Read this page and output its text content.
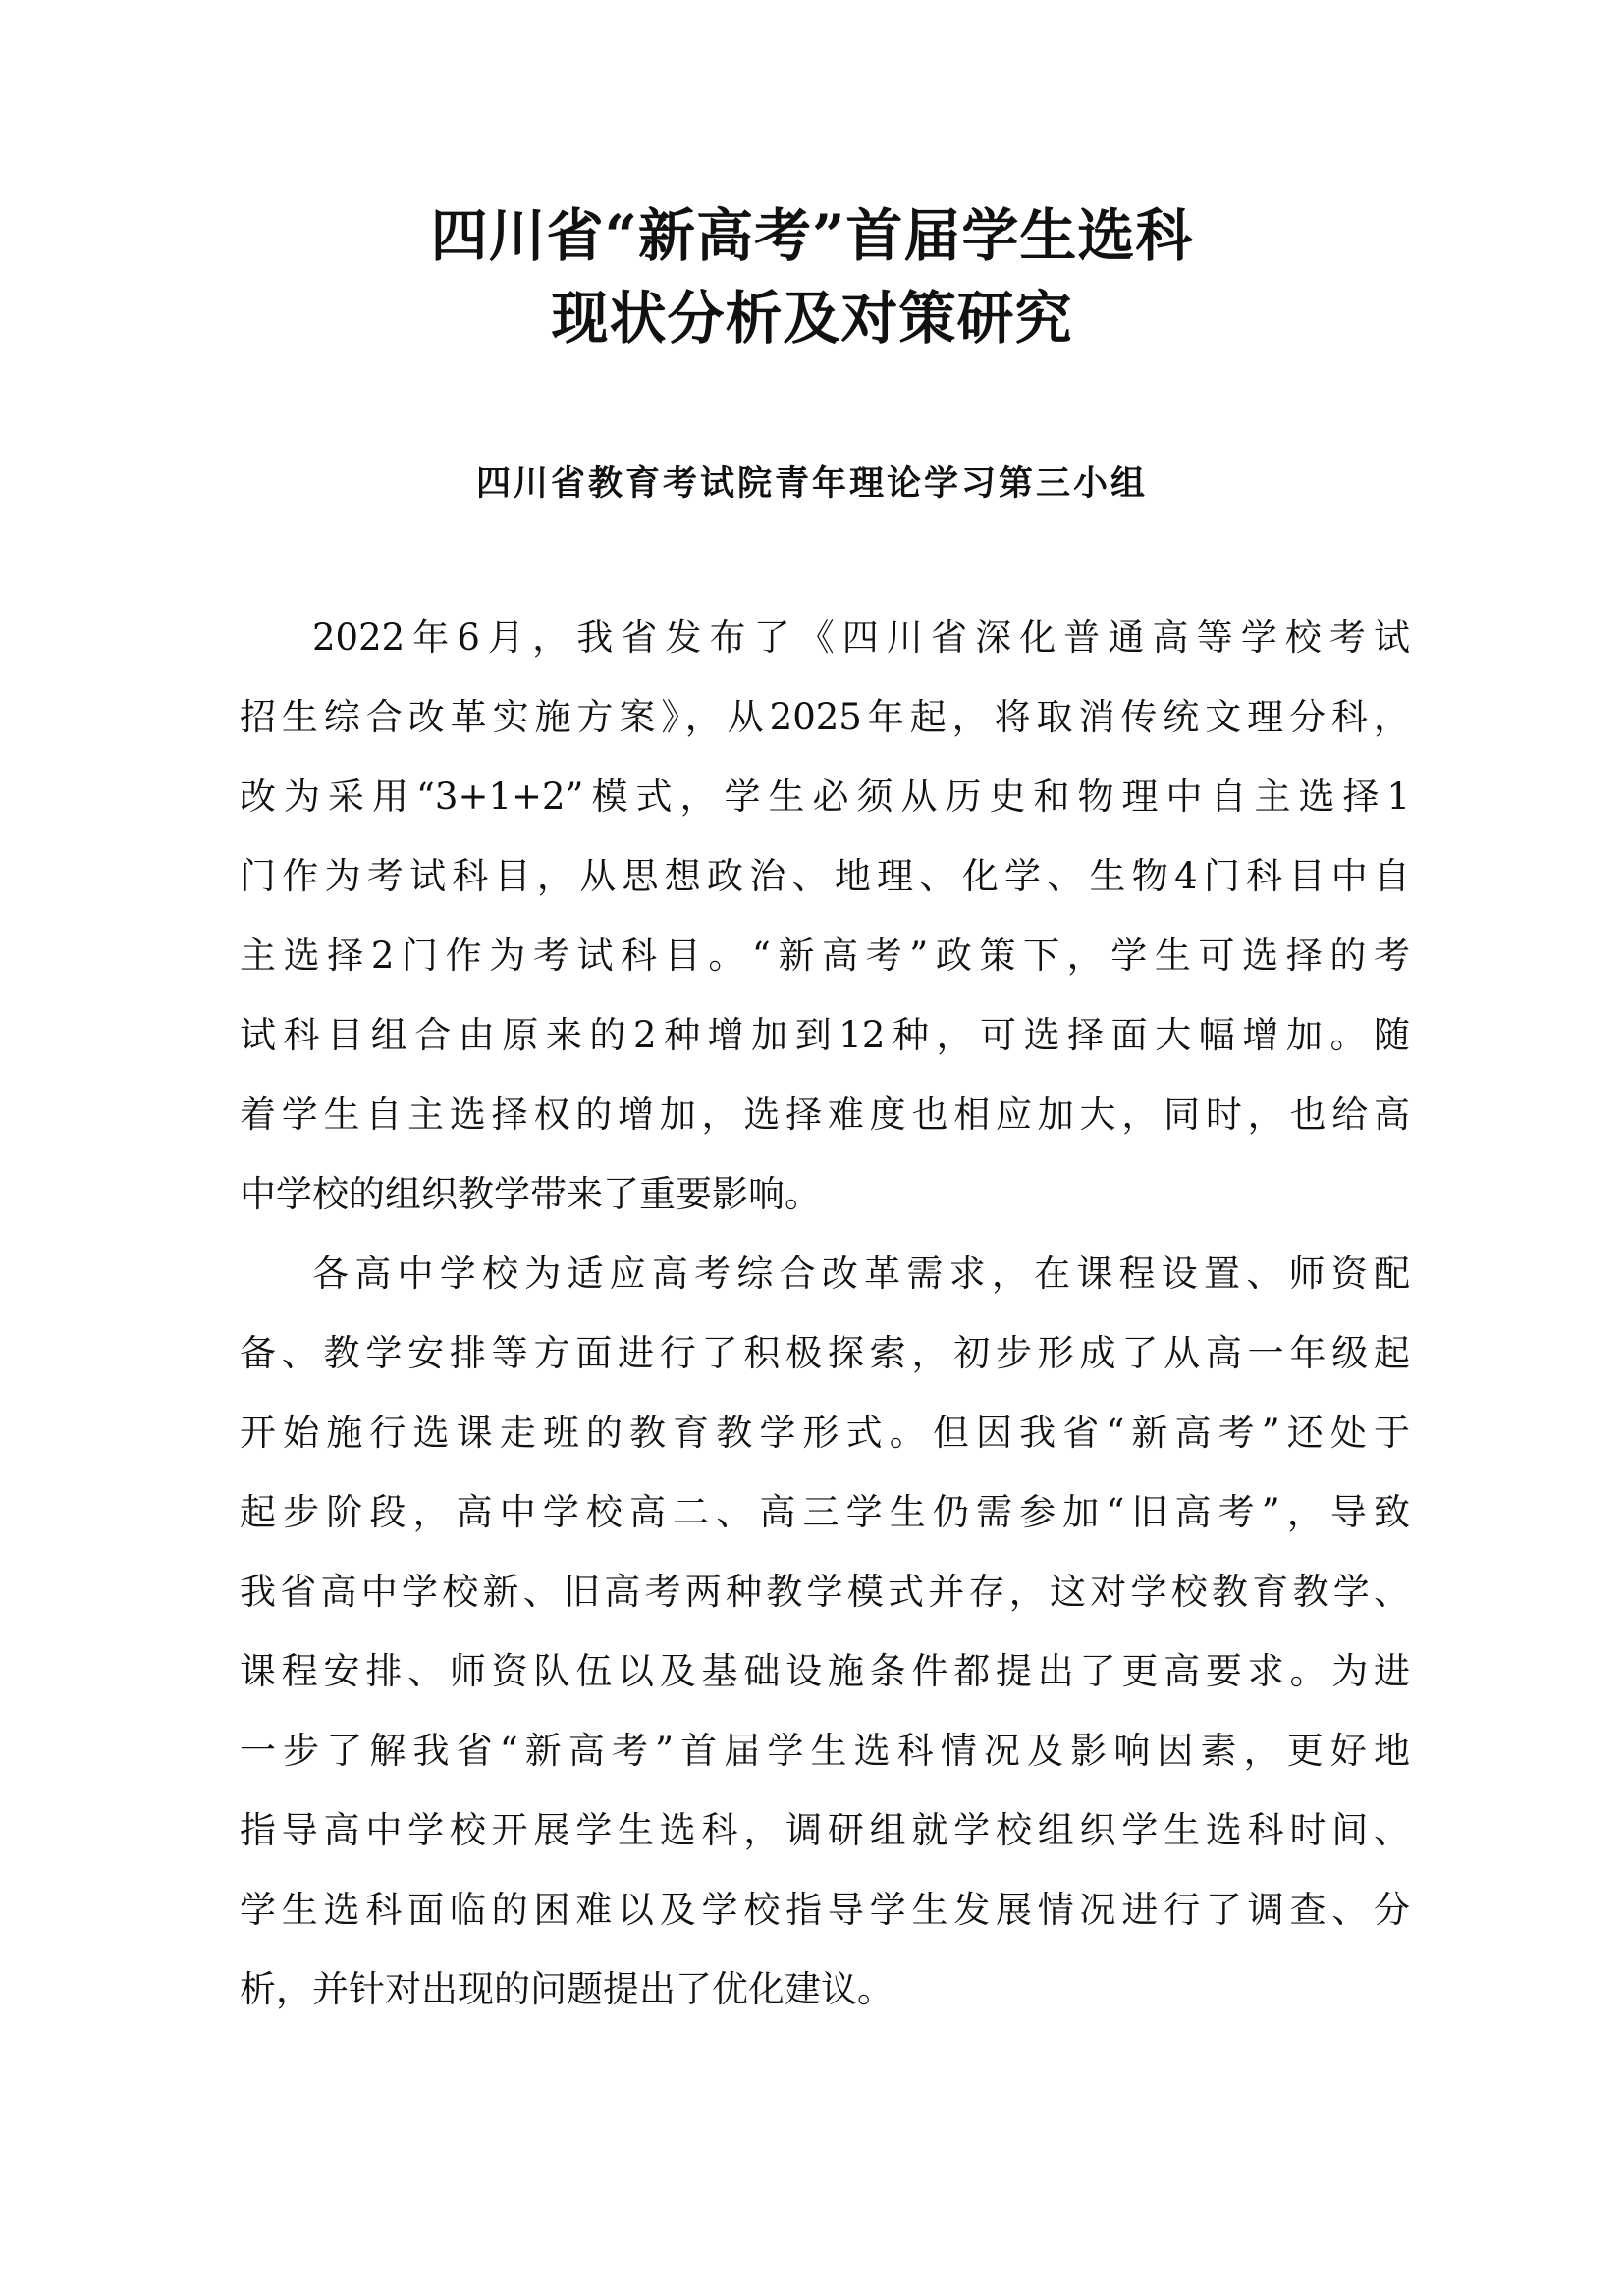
四川省“新高考”首届学生选科
现状分析及对策研究
四川省教育考试院青年理论学习第三小组
2022年6月，我省发布了《四川省深化普通高等学校考试
招生综合改革实施方案》，从2025年起，将取消传统文理分科，
改为采用“3+1+2”模式，学生必须从历史和物理中自主选择1
门作为考试科目，从思想政治、地理、化学、生物4门科目中自
主选择2门作为考试科目。“新高考”政策下，学生可选择的考
试科目组合由原来的2种增加到12种，可选择面大幅增加。随
着学生自主选择权的增加，选择难度也相应加大，同时，也给高
中学校的组织教学带来了重要影响。
各高中学校为适应高考综合改革需求，在课程设置、师资配
备、教学安排等方面进行了积极探索，初步形成了从高一年级起
开始施行选课走班的教育教学形式。但因我省“新高考”还处于
起步阶段，高中学校高二、高三学生仍需参加“旧高考”，导致
我省高中学校新、旧高考两种教学模式并存，这对学校教育教学、
课程安排、师资队伍以及基础设施条件都提出了更高要求。为进
一步了解我省“新高考”首届学生选科情况及影响因素，更好地
指导高中学校开展学生选科，调研组就学校组织学生选科时间、
学生选科面临的困难以及学校指导学生发展情况进行了调查、分
析，并针对出现的问题提出了优化建议。
